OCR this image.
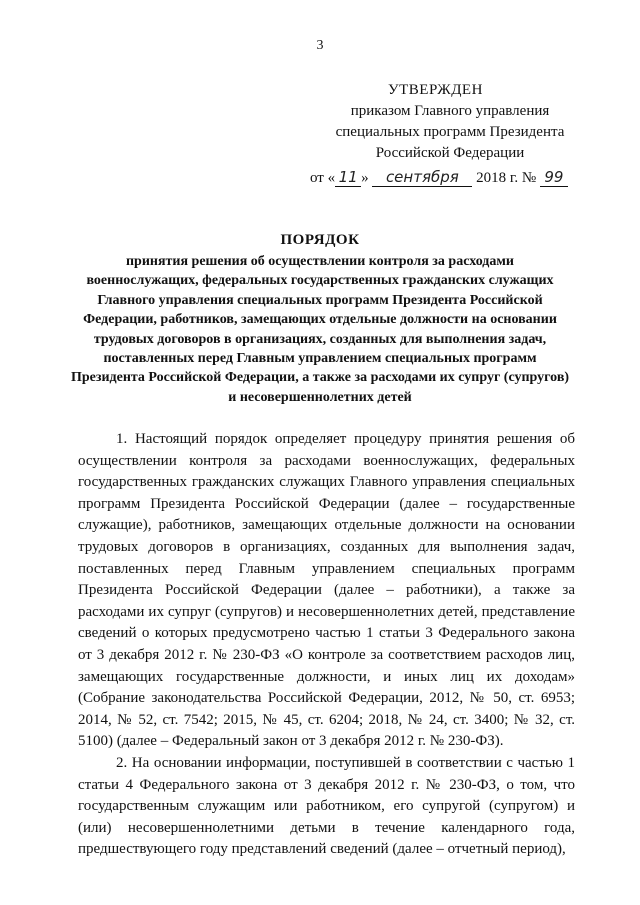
3
УТВЕРЖДЕН
приказом Главного управления
специальных программ Президента
Российской Федерации
от « 11 » сентября 2018 г. № 99
ПОРЯДОК
принятия решения об осуществлении контроля за расходами военнослужащих, федеральных государственных гражданских служащих Главного управления специальных программ Президента Российской Федерации, работников, замещающих отдельные должности на основании трудовых договоров в организациях, созданных для выполнения задач, поставленных перед Главным управлением специальных программ Президента Российской Федерации, а также за расходами их супруг (супругов) и несовершеннолетних детей

1. Настоящий порядок определяет процедуру принятия решения об осуществлении контроля за расходами военнослужащих, федеральных государственных гражданских служащих Главного управления специальных программ Президента Российской Федерации (далее – государственные служащие), работников, замещающих отдельные должности на основании трудовых договоров в организациях, созданных для выполнения задач, поставленных перед Главным управлением специальных программ Президента Российской Федерации (далее – работники), а также за расходами их супруг (супругов) и несовершеннолетних детей, представление сведений о которых предусмотрено частью 1 статьи 3 Федерального закона от 3 декабря 2012 г. № 230-ФЗ «О контроле за соответствием расходов лиц, замещающих государственные должности, и иных лиц их доходам» (Собрание законодательства Российской Федерации, 2012, № 50, ст. 6953; 2014, № 52, ст. 7542; 2015, № 45, ст. 6204; 2018, № 24, ст. 3400; № 32, ст. 5100) (далее – Федеральный закон от 3 декабря 2012 г. № 230-ФЗ).

2. На основании информации, поступившей в соответствии с частью 1 статьи 4 Федерального закона от 3 декабря 2012 г. № 230-ФЗ, о том, что государственным служащим или работником, его супругой (супругом) и (или) несовершеннолетними детьми в течение календарного года, предшествующего году представлений сведений (далее – отчетный период),
